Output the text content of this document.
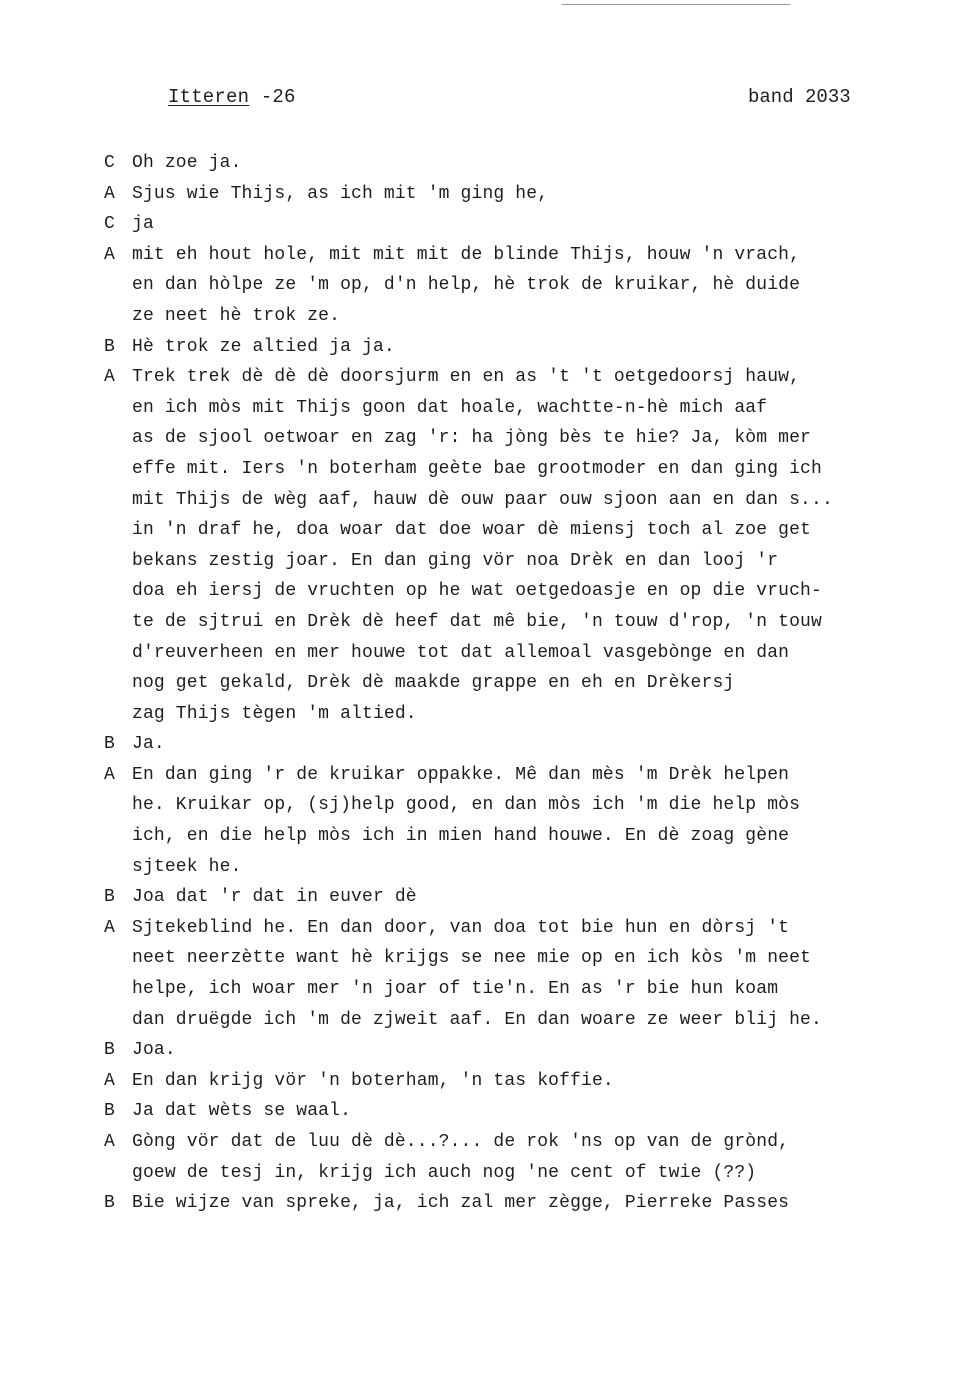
Itteren -26	band 2033
C Oh zoe ja.
A Sjus wie Thijs, as ich mit 'm ging he,
C ja
A mit eh hout hole, mit mit mit de blinde Thijs, houw 'n vrach,
en dan hòlpe ze 'm op, d'n help, hè trok de kruikar, hè duide
ze neet hè trok ze.
B Hè trok ze altied ja ja.
A Trek trek dè dè dè doorsjurm en en as 't 't oetgedoorsj hauw,
en ich mòs mit Thijs goon dat hoale, wachtte-n-hè mich aaf
as de sjool oetwoar en zag 'r: ha jòng bès te hie? Ja, kòm mer
effe mit. Iers 'n boterham geète bae grootmoder en dan ging ich
mit Thijs de wèg aaf, hauw dè ouw paar ouw sjoon aan en dan s...
in 'n draf he, doa woar dat doe woar dè miensj toch al zoe get
bekans zestig joar. En dan ging vör noa Drèk en dan looj 'r
doa eh iersj de vruchten op he wat oetgedoasje en op die vruch-
te de sjtrui en Drèk dè heef dat mê bie, 'n touw d'rop, 'n touw
d'reuverheen en mer houwe tot dat allemoal vasgebònge en dan
nog get gekald, Drèk dè maakde grappe en eh en Drèkersj
zag Thijs tègen 'm altied.
B Ja.
A En dan ging 'r de kruikar oppakke. Mê dan mès 'm Drèk helpen
he. Kruikar op, (sj)help good, en dan mòs ich 'm die help mòs
ich, en die help mòs ich in mien hand houwe. En dè zoag gène
sjteek he.
B Joa dat 'r dat in euver dè
A Sjtekeblind he. En dan door, van doa tot bie hun en dòrsj 't
neet neerzètte want hè krijgs se nee mie op en ich kòs 'm neet
helpe, ich woar mer 'n joar of tie'n. En as 'r bie hun koam
dan druëgde ich 'm de zjweit aaf. En dan woare ze weer blij he.
B Joa.
A En dan krijg vör 'n boterham, 'n tas koffie.
B Ja dat wèts se waal.
A Gòng vör dat de luu dè dè...?... de rok 'ns op van de grònd,
goew de tesj in, krijg ich auch nog 'ne cent of twie (??)
B Bie wijze van spreke, ja, ich zal mer zègge, Pierreke Passes
